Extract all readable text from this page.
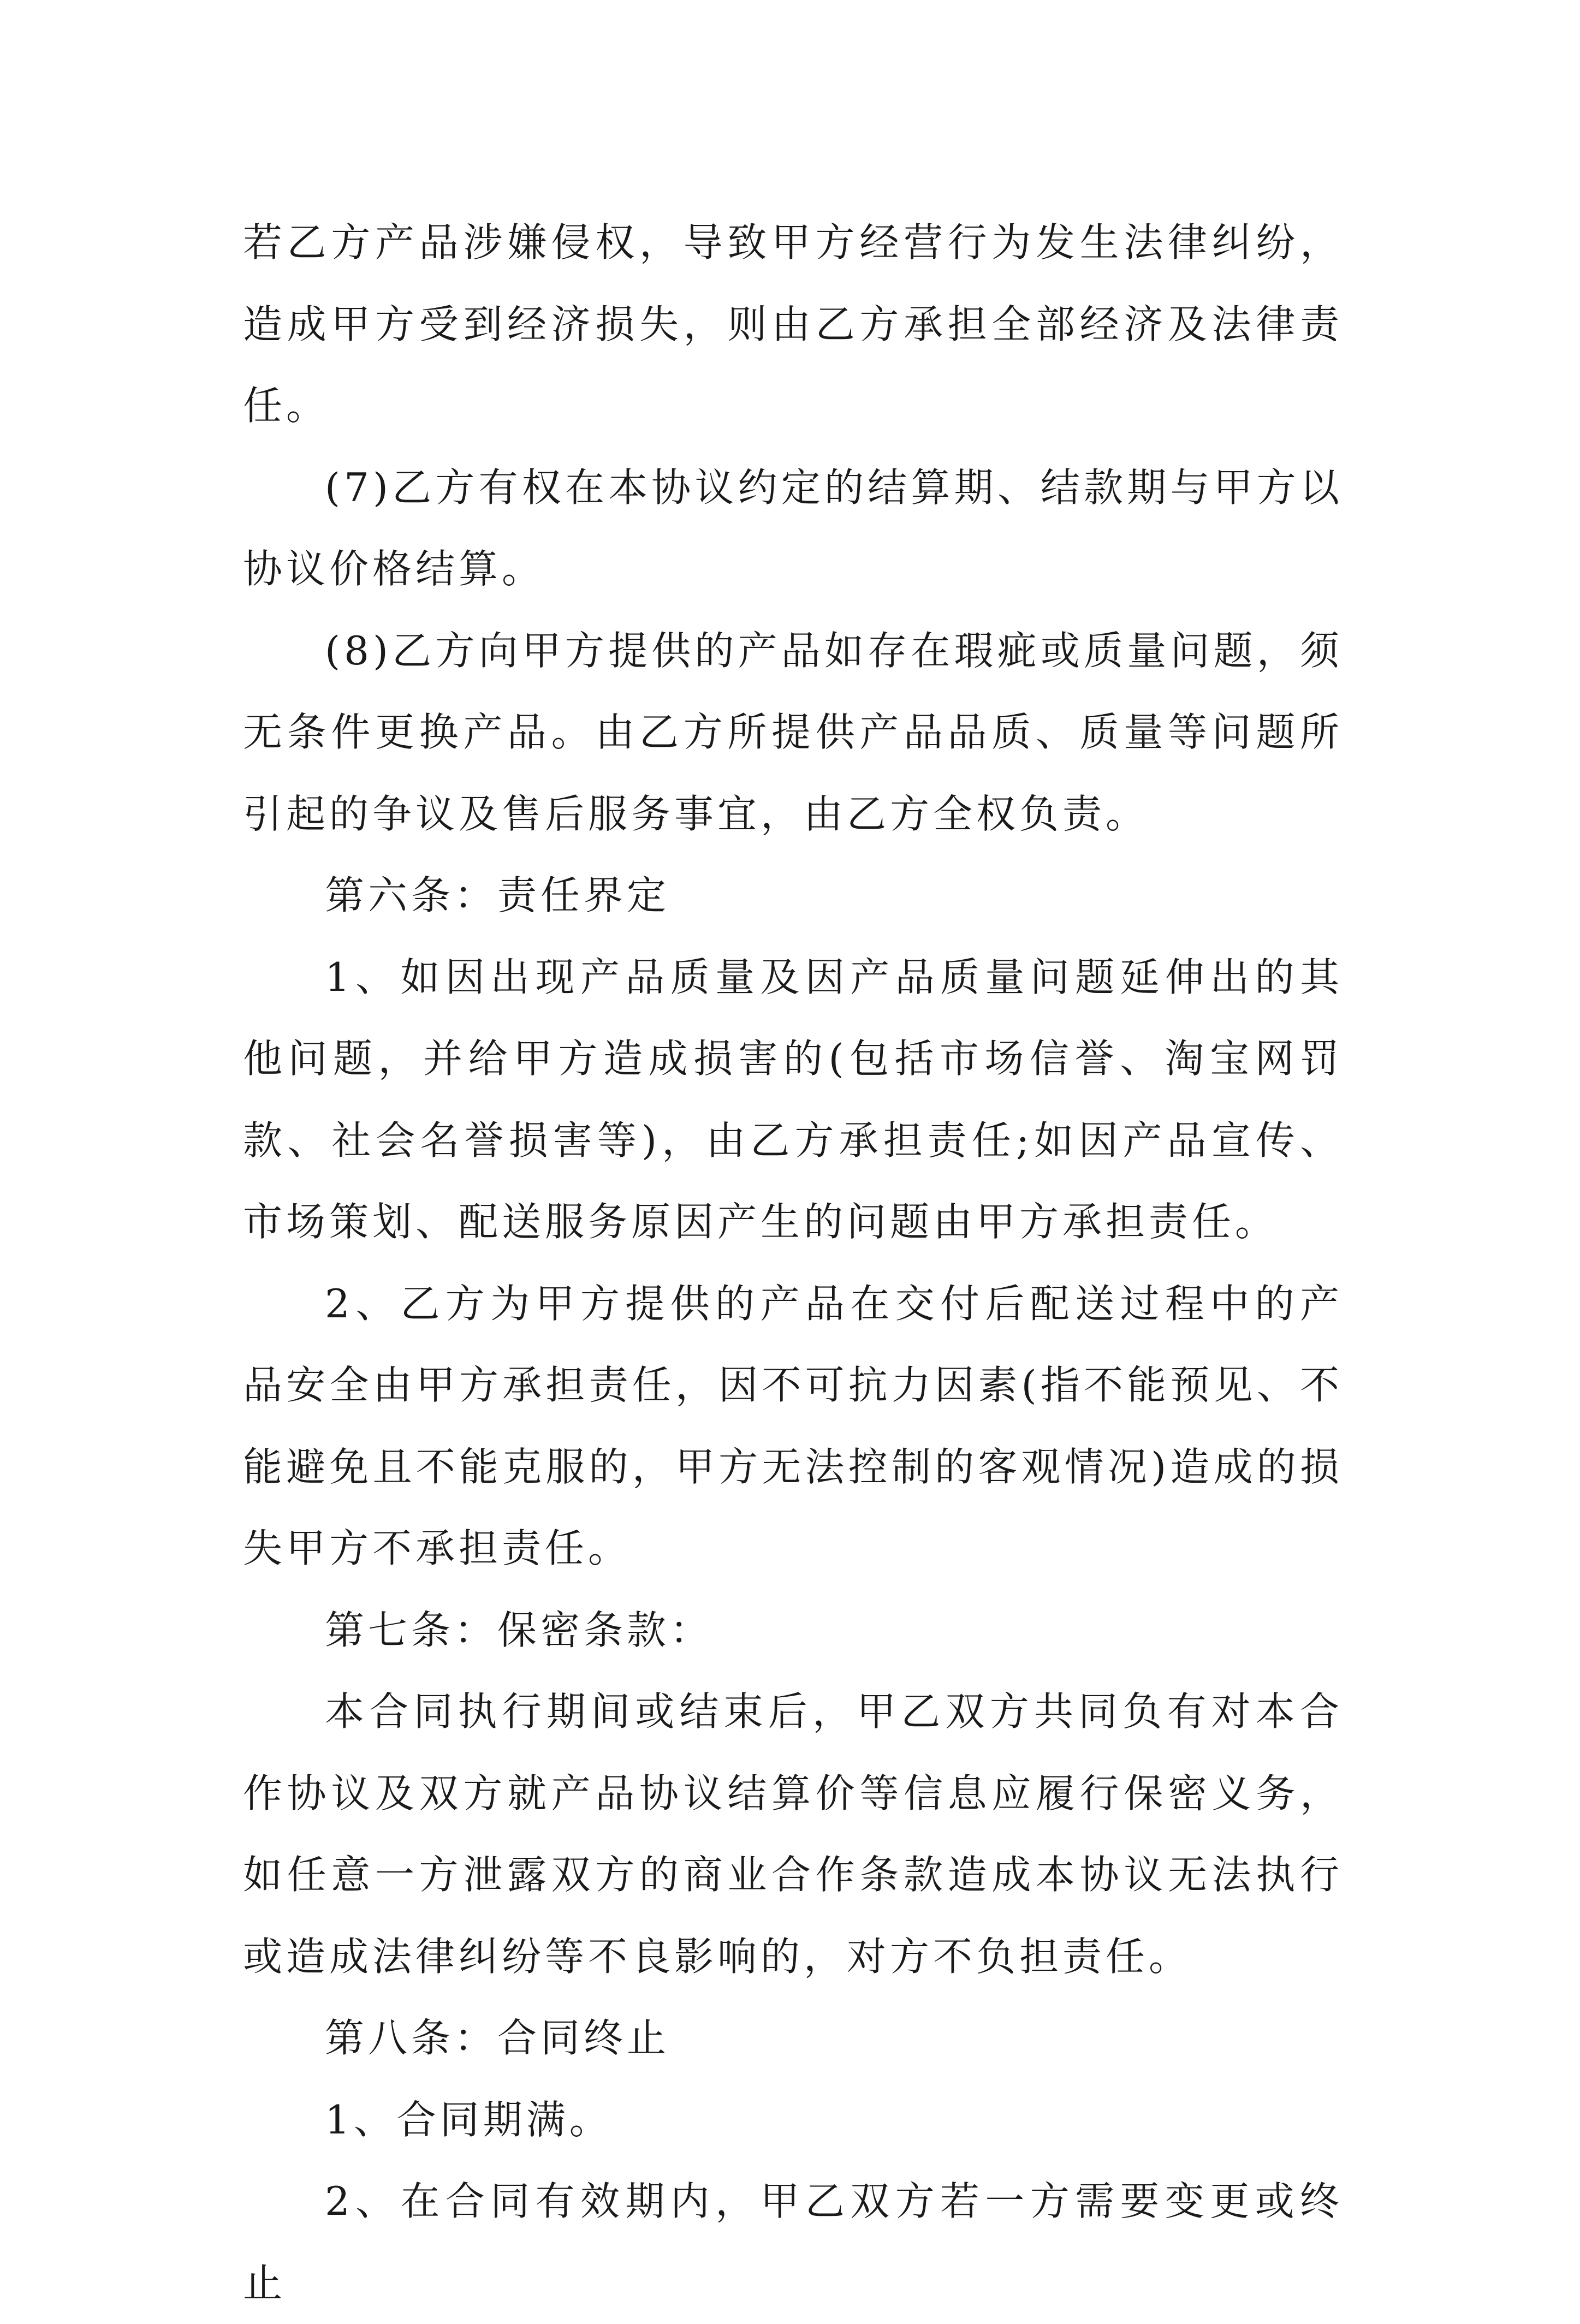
若乙方产品涉嫌侵权，导致甲方经营行为发生法律纠纷，造成甲方受到经济损失，则由乙方承担全部经济及法律责任。

(7)乙方有权在本协议约定的结算期、结款期与甲方以协议价格结算。

(8)乙方向甲方提供的产品如存在瑕疵或质量问题，须无条件更换产品。由乙方所提供产品品质、质量等问题所引起的争议及售后服务事宜，由乙方全权负责。

第六条：责任界定

1、如因出现产品质量及因产品质量问题延伸出的其他问题，并给甲方造成损害的(包括市场信誉、淘宝网罚款、社会名誉损害等)，由乙方承担责任;如因产品宣传、市场策划、配送服务原因产生的问题由甲方承担责任。

2、乙方为甲方提供的产品在交付后配送过程中的产品安全由甲方承担责任，因不可抗力因素(指不能预见、不能避免且不能克服的，甲方无法控制的客观情况)造成的损失甲方不承担责任。

第七条：保密条款：

本合同执行期间或结束后，甲乙双方共同负有对本合作协议及双方就产品协议结算价等信息应履行保密义务，如任意一方泄露双方的商业合作条款造成本协议无法执行或造成法律纠纷等不良影响的，对方不负担责任。

第八条：合同终止

1、合同期满。

2、在合同有效期内，甲乙双方若一方需要变更或终止
